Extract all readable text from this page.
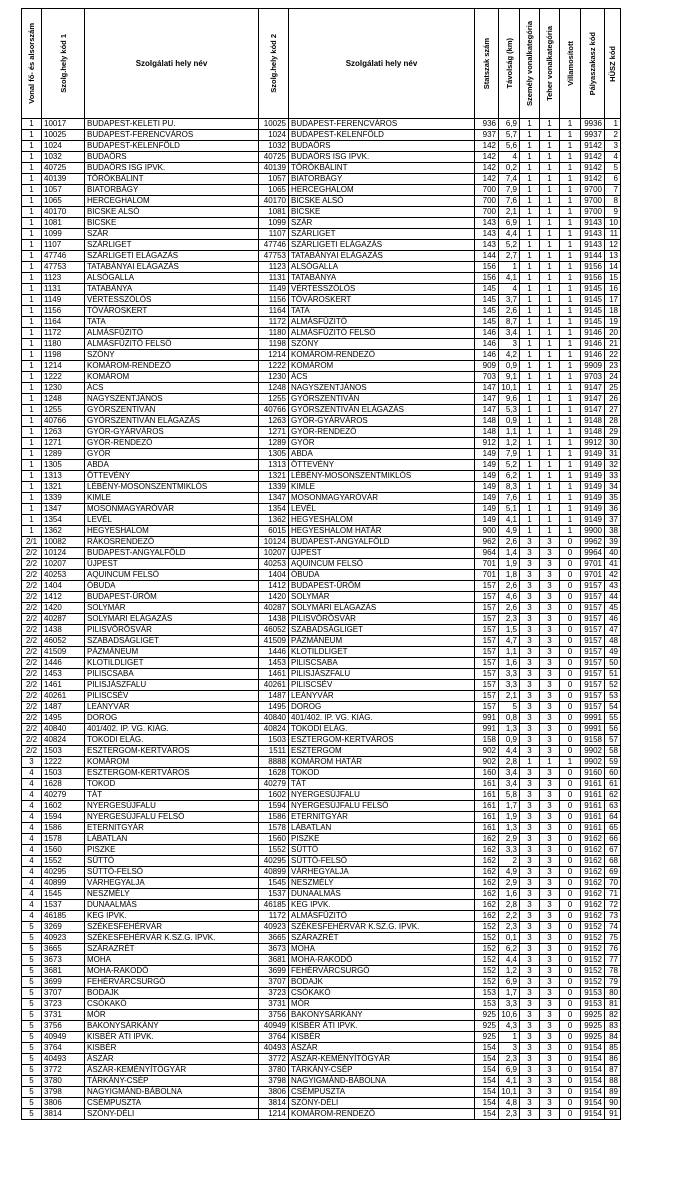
Vonal fő- és alsorszám	Szolg.hely kód 1	Szolgálati hely név	Szolg.hely kód 2	Szolgálati hely név	Statszak szám	Távolság (km)	Személy vonalkategória	Teher vonalkategória	Villamosított	Pályaszakasz kód	HÜSZ kód

1	10017	BUDAPEST-KELETI PU.	10025	BUDAPEST-FERENCVÁROS	936	6,9	1	1	1	9936	1
1	10025	BUDAPEST-FERENCVÁROS	1024	BUDAPEST-KELENFÖLD	937	5,7	1	1	1	9937	2
1	1024	BUDAPEST-KELENFÖLD	1032	BUDAÖRS	142	5,6	1	1	1	9142	3
1	1032	BUDAÖRS	40725	BUDAÖRS ISG IPVK.	142	4	1	1	1	9142	4
1	40725	BUDAÖRS ISG IPVK.	40139	TÖRÖKBÁLINT	142	0,2	1	1	1	9142	5
1	40139	TÖRÖKBÁLINT	1057	BIATORBÁGY	142	7,4	1	1	1	9142	6
1	1057	BIATORBÁGY	1065	HERCEGHALOM	700	7,9	1	1	1	9700	7
1	1065	HERCEGHALOM	40170	BICSKE ALSÓ	700	7,6	1	1	1	9700	8
1	40170	BICSKE ALSÓ	1081	BICSKE	700	2,1	1	1	1	9700	9
1	1081	BICSKE	1099	SZÁR	143	6,9	1	1	1	9143	10
1	1099	SZÁR	1107	SZÁRLIGET	143	4,4	1	1	1	9143	11
1	1107	SZÁRLIGET	47746	SZÁRLIGETI ELÁGAZÁS	143	5,2	1	1	1	9143	12
1	47746	SZÁRLIGETI ELÁGAZÁS	47753	TATABÁNYAI ELÁGAZÁS	144	2,7	1	1	1	9144	13
1	47753	TATABÁNYAI ELÁGAZÁS	1123	ALSÓGALLA	156	1	1	1	1	9156	14
1	1123	ALSÓGALLA	1131	TATABÁNYA	156	4,1	1	1	1	9156	15
1	1131	TATABÁNYA	1149	VÉRTESSZŐLŐS	145	4	1	1	1	9145	16
1	1149	VÉRTESSZŐLŐS	1156	TÓVÁROSKERT	145	3,7	1	1	1	9145	17
1	1156	TÓVÁROSKERT	1164	TATA	145	2,6	1	1	1	9145	18
1	1164	TATA	1172	ALMÁSFÜZITŐ	145	8,7	1	1	1	9145	19
1	1172	ALMÁSFÜZITŐ	1180	ALMÁSFÜZITŐ FELSŐ	146	3,4	1	1	1	9146	20
1	1180	ALMÁSFÜZITŐ FELSŐ	1198	SZŐNY	146	3	1	1	1	9146	21
1	1198	SZŐNY	1214	KOMÁROM-RENDEZŐ	146	4,2	1	1	1	9146	22
1	1214	KOMÁROM-RENDEZŐ	1222	KOMÁROM	909	0,9	1	1	1	9909	23
1	1222	KOMÁROM	1230	ÁCS	703	9,1	1	1	1	9703	24
1	1230	ÁCS	1248	NAGYSZENTJÁNOS	147	10,1	1	1	1	9147	25
1	1248	NAGYSZENTJÁNOS	1255	GYŐRSZENTIVÁN	147	9,6	1	1	1	9147	26
1	1255	GYŐRSZENTIVÁN	40766	GYŐRSZENTIVÁN ELÁGAZÁS	147	5,3	1	1	1	9147	27
1	40766	GYŐRSZENTIVÁN ELÁGAZÁS	1263	GYŐR-GYÁRVÁROS	148	0,9	1	1	1	9148	28
1	1263	GYŐR-GYÁRVÁROS	1271	GYŐR-RENDEZŐ	148	1,1	1	1	1	9148	29
1	1271	GYŐR-RENDEZŐ	1289	GYŐR	912	1,2	1	1	1	9912	30
1	1289	GYŐR	1305	ABDA	149	7,9	1	1	1	9149	31
1	1305	ABDA	1313	ÖTTEVÉNY	149	5,2	1	1	1	9149	32
1	1313	ÖTTEVÉNY	1321	LÉBÉNY-MOSONSZENTMIKLÓS	149	6,2	1	1	1	9149	33
1	1321	LÉBÉNY-MOSONSZENTMIKLÓS	1339	KIMLE	149	8,3	1	1	1	9149	34
1	1339	KIMLE	1347	MOSONMAGYARÓVÁR	149	7,6	1	1	1	9149	35
1	1347	MOSONMAGYARÓVÁR	1354	LEVÉL	149	5,1	1	1	1	9149	36
1	1354	LEVÉL	1362	HEGYESHALOM	149	4,1	1	1	1	9149	37
1	1362	HEGYESHALOM	6015	HEGYESHALOM HATÁR	900	4,9	1	1	1	9900	38
2/1	10082	RÁKOSRENDEZŐ	10124	BUDAPEST-ANGYALFÖLD	962	2,6	3	3	0	9962	39
2/2	10124	BUDAPEST-ANGYALFÖLD	10207	ÚJPEST	964	1,4	3	3	0	9964	40
2/2	10207	ÚJPEST	40253	AQUINCUM FELSŐ	701	1,9	3	3	0	9701	41
2/2	40253	AQUINCUM FELSŐ	1404	ÓBUDA	701	1,8	3	3	0	9701	42
2/2	1404	ÓBUDA	1412	BUDAPEST-ÜRÖM	157	2,6	3	3	0	9157	43
2/2	1412	BUDAPEST-ÜRÖM	1420	SOLYMÁR	157	4,6	3	3	0	9157	44
2/2	1420	SOLYMÁR	40287	SOLYMÁRI ELÁGAZÁS	157	2,6	3	3	0	9157	45
2/2	40287	SOLYMÁRI ELÁGAZÁS	1438	PILISVÖRÖSVÁR	157	2,3	3	3	0	9157	46
2/2	1438	PILISVÖRÖSVÁR	46052	SZABADSÁGLIGET	157	1,5	3	3	0	9157	47
2/2	46052	SZABADSÁGLIGET	41509	PÁZMÁNEUM	157	4,7	3	3	0	9157	48
2/2	41509	PÁZMÁNEUM	1446	KLOTILDLIGET	157	1,1	3	3	0	9157	49
2/2	1446	KLOTILDLIGET	1453	PILISCSABA	157	1,6	3	3	0	9157	50
2/2	1453	PILISCSABA	1461	PILISJÁSZFALU	157	3,3	3	3	0	9157	51
2/2	1461	PILISJÁSZFALU	40261	PILISCSÉV	157	3,3	3	3	0	9157	52
2/2	40261	PILISCSÉV	1487	LEÁNYVÁR	157	2,1	3	3	0	9157	53
2/2	1487	LEÁNYVÁR	1495	DOROG	157	5	3	3	0	9157	54
2/2	1495	DOROG	40840	401/402. IP. VG. KIÁG.	991	0,8	3	3	0	9991	55
2/2	40840	401/402. IP. VG. KIÁG.	40824	TOKODI ELÁG.	991	1,3	3	3	0	9991	56
2/2	40824	TOKODI ELÁG.	1503	ESZTERGOM-KERTVÁROS	158	0,9	3	3	0	9158	57
2/2	1503	ESZTERGOM-KERTVÁROS	1511	ESZTERGOM	902	4,4	3	3	0	9902	58
3	1222	KOMÁROM	8888	KOMÁROM HATÁR	902	2,8	1	1	1	9902	59
4	1503	ESZTERGOM-KERTVÁROS	1628	TOKOD	160	3,4	3	3	0	9160	60
4	1628	TOKOD	40279	TÁT	161	3,4	3	3	0	9161	61
4	40279	TÁT	1602	NYERGESÚJFALU	161	5,8	3	3	0	9161	62
4	1602	NYERGESÚJFALU	1594	NYERGESÚJFALU FELSŐ	161	1,7	3	3	0	9161	63
4	1594	NYERGESÚJFALU FELSŐ	1586	ETERNITGYÁR	161	1,9	3	3	0	9161	64
4	1586	ETERNITGYÁR	1578	LÁBATLAN	161	1,3	3	3	0	9161	65
4	1578	LÁBATLAN	1560	PISZKE	162	2,9	3	3	0	9162	66
4	1560	PISZKE	1552	SÜTTŐ	162	3,3	3	3	0	9162	67
4	1552	SÜTTŐ	40295	SÜTTŐ-FELSŐ	162	2	3	3	0	9162	68
4	40295	SÜTTŐ-FELSŐ	40899	VÁRHEGYALJA	162	4,9	3	3	0	9162	69
4	40899	VÁRHEGYALJA	1545	NESZMÉLY	162	2,9	3	3	0	9162	70
4	1545	NESZMÉLY	1537	DUNAALMÁS	162	1,6	3	3	0	9162	71
4	1537	DUNAALMÁS	46185	KEG IPVK.	162	2,8	3	3	0	9162	72
4	46185	KEG IPVK.	1172	ALMÁSFÜZITŐ	162	2,2	3	3	0	9162	73
5	3269	SZÉKESFEHÉRVÁR	40923	SZÉKESFEHÉRVÁR K.SZ.G. IPVK.	152	2,3	3	3	0	9152	74
5	40923	SZÉKESFEHÉRVÁR K.SZ.G. IPVK.	3665	SZÁRAZRÉT	152	0,1	3	3	0	9152	75
5	3665	SZÁRAZRÉT	3673	MOHA	152	6,2	3	3	0	9152	76
5	3673	MOHA	3681	MOHA-RAKODÓ	152	4,4	3	3	0	9152	77
5	3681	MOHA-RAKODÓ	3699	FEHÉRVÁRCSURGÓ	152	1,2	3	3	0	9152	78
5	3699	FEHÉRVÁRCSURGÓ	3707	BODAJK	152	6,9	3	3	0	9152	79
5	3707	BODAJK	3723	CSÓKAKŐ	153	1,7	3	3	0	9153	80
5	3723	CSÓKAKŐ	3731	MÓR	153	3,3	3	3	0	9153	81
5	3731	MÓR	3756	BAKONYSÁRKÁNY	925	10,6	3	3	0	9925	82
5	3756	BAKONYSÁRKÁNY	40949	KISBÉR ÁTI IPVK.	925	4,3	3	3	0	9925	83
5	40949	KISBÉR ÁTI IPVK.	3764	KISBÉR	925	1	3	3	0	9925	84
5	3764	KISBÉR	40493	ÁSZÁR	154	3	3	3	0	9154	85
5	40493	ÁSZÁR	3772	ÁSZÁR-KEMÉNYÍTŐGYÁR	154	2,3	3	3	0	9154	86
5	3772	ÁSZÁR-KEMÉNYÍTŐGYÁR	3780	TÁRKÁNY-CSÉP	154	6,9	3	3	0	9154	87
5	3780	TÁRKÁNY-CSÉP	3798	NAGYIGMÁND-BÁBOLNA	154	4,1	3	3	0	9154	88
5	3798	NAGYIGMÁND-BÁBOLNA	3806	CSÉMPUSZTA	154	10,1	3	3	0	9154	89
5	3806	CSÉMPUSZTA	3814	SZŐNY-DÉLI	154	4,8	3	3	0	9154	90
5	3814	SZŐNY-DÉLI	1214	KOMÁROM-RENDEZŐ	154	2,3	3	3	0	9154	91
